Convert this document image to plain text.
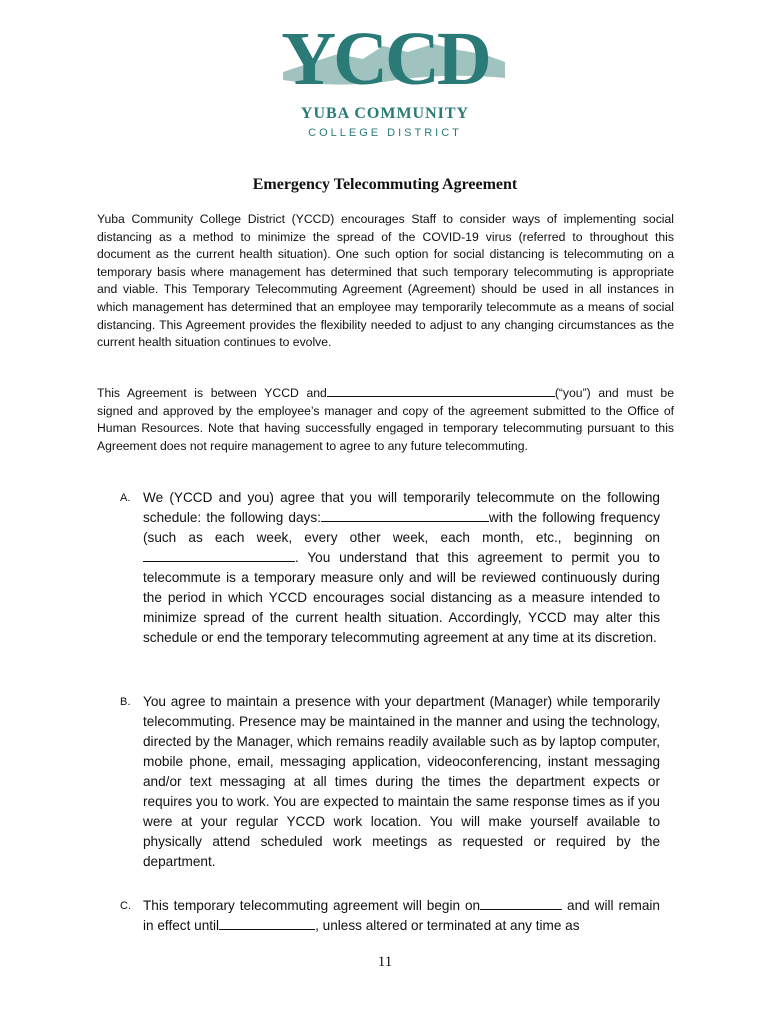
YCCD
YUBA COMMUNITY
COLLEGE DISTRICT
Emergency Telecommuting Agreement
Yuba Community College District (YCCD) encourages Staff to consider ways of implementing social distancing as a method to minimize the spread of the COVID-19 virus (referred to throughout this document as the current health situation). One such option for social distancing is telecommuting on a temporary basis where management has determined that such temporary telecommuting is appropriate and viable. This Temporary Telecommuting Agreement (Agreement) should be used in all instances in which management has determined that an employee may temporarily telecommute as a means of social distancing. This Agreement provides the flexibility needed to adjust to any changing circumstances as the current health situation continues to evolve.
This Agreement is between YCCD and	(“you”) and must be signed and approved by the employee’s manager and copy of the agreement submitted to the Office of Human Resources. Note that having successfully engaged in temporary telecommuting pursuant to this Agreement does not require management to agree to any future telecommuting.
A. We (YCCD and you) agree that you will temporarily telecommute on the following schedule: the following days:	with the following frequency (such as each week, every other week, each month, etc., beginning on. You understand that this agreement to permit you to telecommute is a temporary measure only and will be reviewed continuously during the period in which YCCD encourages social distancing as a measure intended to minimize spread of the current health situation. Accordingly, YCCD may alter this schedule or end the temporary telecommuting agreement at any time at its discretion.
B. You agree to maintain a presence with your department (Manager) while temporarily telecommuting. Presence may be maintained in the manner and using the technology, directed by the Manager, which remains readily available such as by laptop computer, mobile phone, email, messaging application, videoconferencing, instant messaging and/or text messaging at all times during the times the department expects or requires you to work. You are expected to maintain the same response times as if you were at your regular YCCD work location. You will make yourself available to physically attend scheduled work meetings as requested or required by the department.
C. This temporary telecommuting agreement will begin on	and will remain in effect until	, unless altered or terminated at any time as
11
